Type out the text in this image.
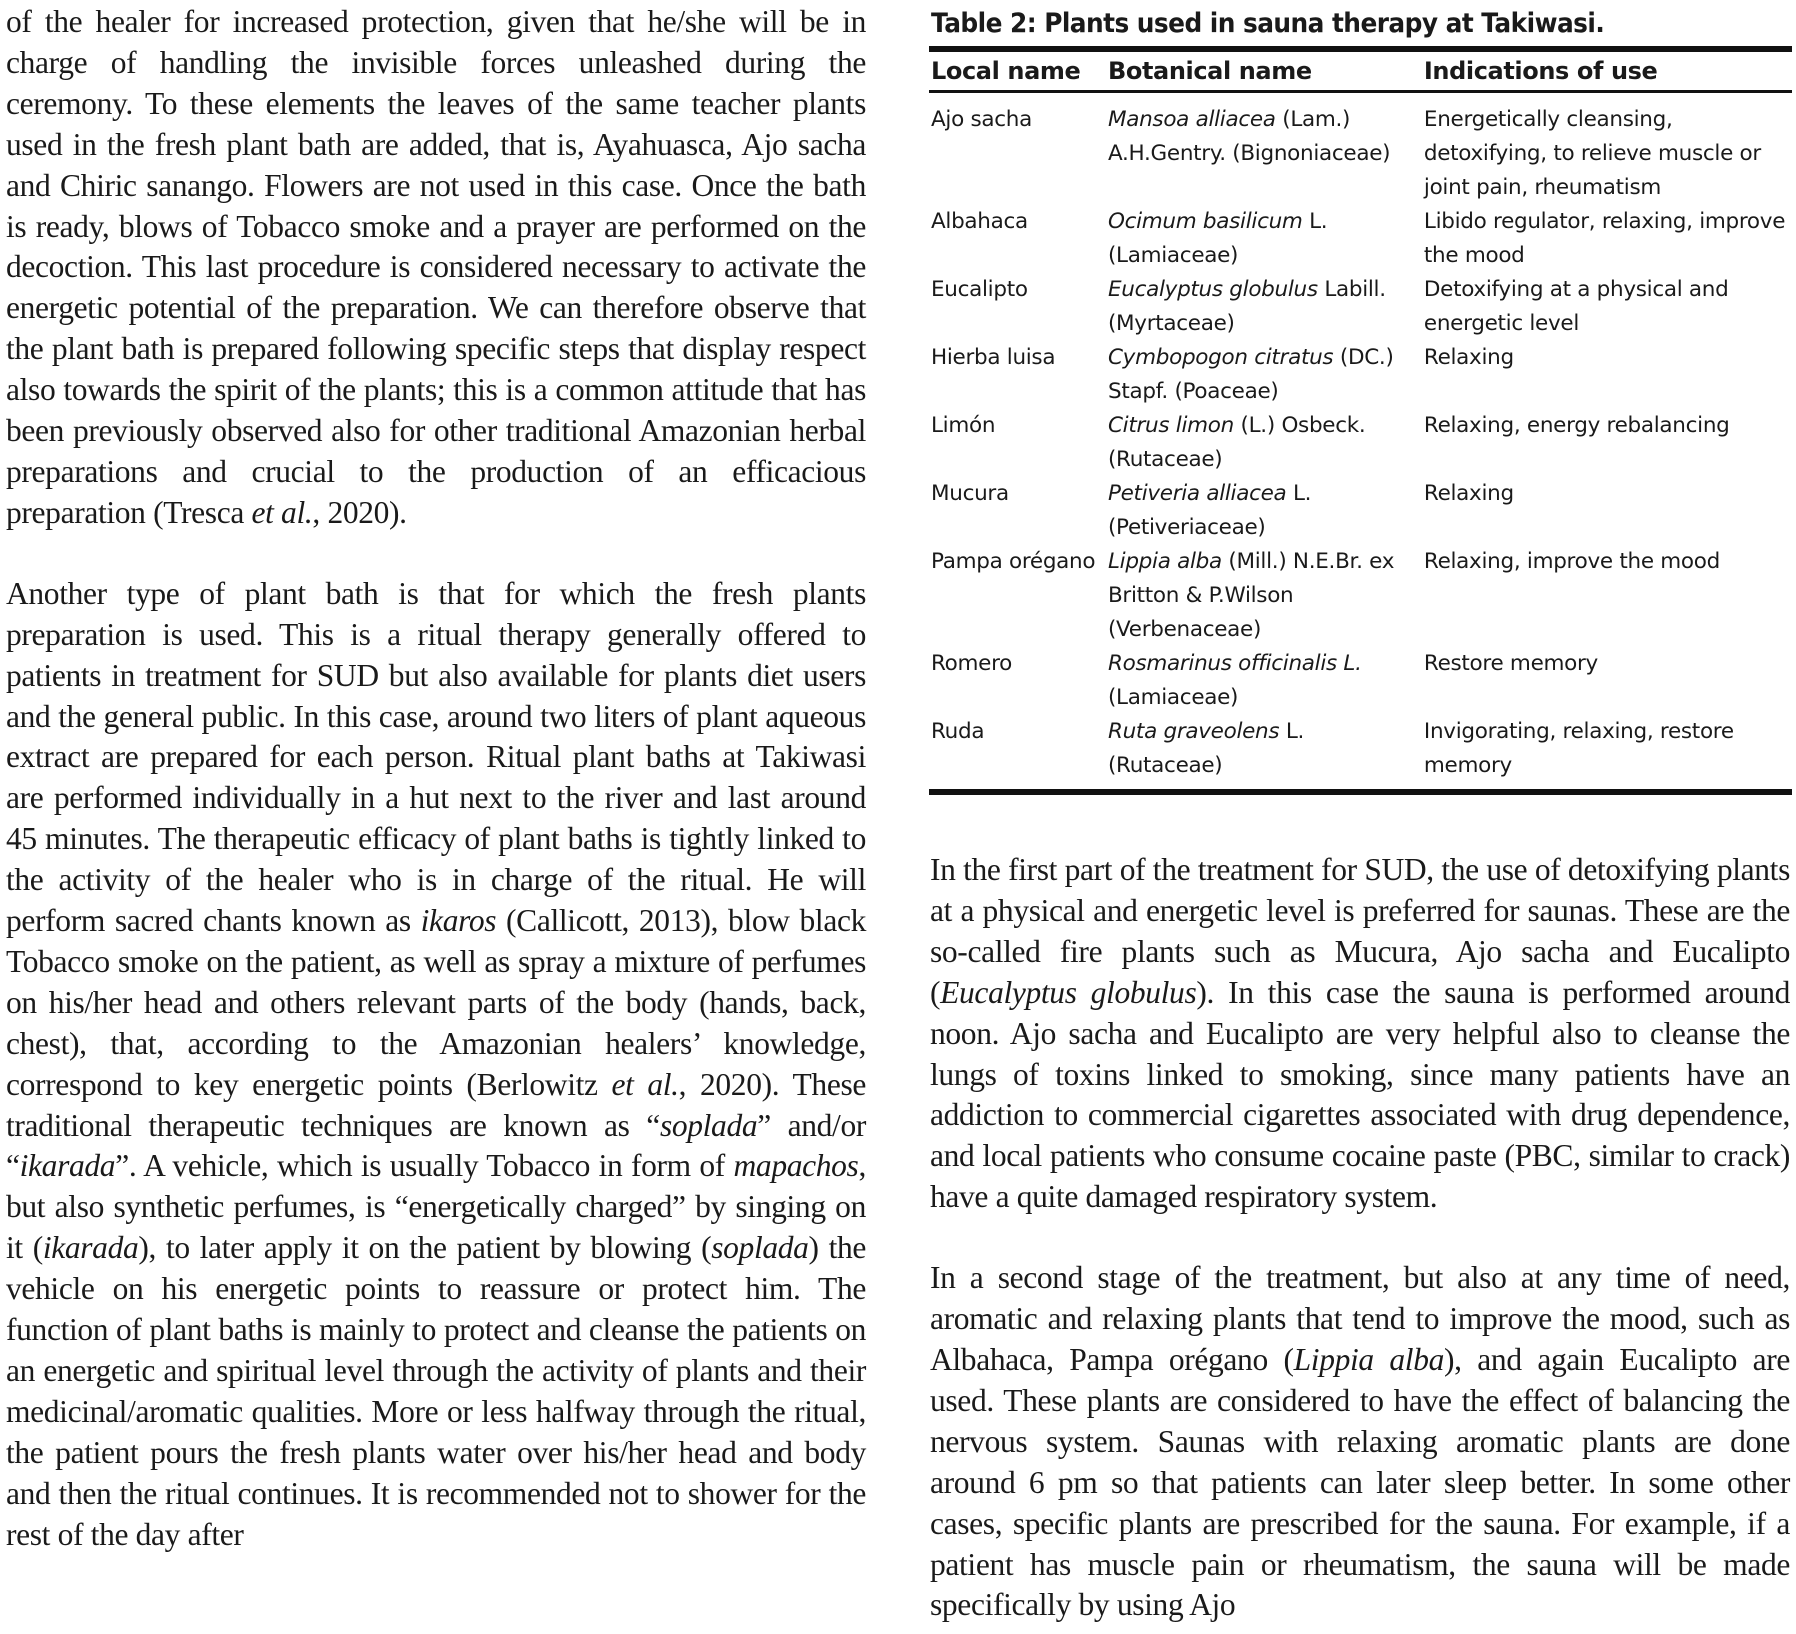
of the healer for increased protection, given that he/she will be in charge of handling the invisible forces unleashed during the ceremony. To these elements the leaves of the same teacher plants used in the fresh plant bath are added, that is, Ayahuasca, Ajo sacha and Chiric sanango. Flowers are not used in this case. Once the bath is ready, blows of Tobacco smoke and a prayer are performed on the decoction. This last procedure is considered necessary to activate the energetic potential of the preparation. We can therefore observe that the plant bath is prepared following specific steps that display respect also towards the spirit of the plants; this is a common attitude that has been previously observed also for other traditional Amazonian herbal preparations and crucial to the production of an efficacious preparation (Tresca et al., 2020).

Another type of plant bath is that for which the fresh plants preparation is used. This is a ritual therapy generally offered to patients in treatment for SUD but also available for plants diet users and the general public. In this case, around two liters of plant aqueous extract are prepared for each person. Ritual plant baths at Takiwasi are performed individually in a hut next to the river and last around 45 minutes. The therapeutic efficacy of plant baths is tightly linked to the activity of the healer who is in charge of the ritual. He will perform sacred chants known as ikaros (Callicott, 2013), blow black Tobacco smoke on the patient, as well as spray a mixture of perfumes on his/her head and others relevant parts of the body (hands, back, chest), that, according to the Amazonian healers’ knowledge, correspond to key energetic points (Berlowitz et al., 2020). These traditional therapeutic techniques are known as “soplada” and/or “ikarada”. A vehicle, which is usually Tobacco in form of mapachos, but also synthetic perfumes, is “energetically charged” by singing on it (ikarada), to later apply it on the patient by blowing (soplada) the vehicle on his energetic points to reassure or protect him. The function of plant baths is mainly to protect and cleanse the patients on an energetic and spiritual level through the activity of plants and their medicinal/aromatic qualities. More or less halfway through the ritual, the patient pours the fresh plants water over his/her head and body and then the ritual continues. It is recommended not to shower for the rest of the day after

Table 2: Plants used in sauna therapy at Takiwasi.
Local name	Botanical name	Indications of use
Ajo sacha	Mansoa alliacea (Lam.) A.H.Gentry. (Bignoniaceae)	Energetically cleansing, detoxifying, to relieve muscle or joint pain, rheumatism
Albahaca	Ocimum basilicum L. (Lamiaceae)	Libido regulator, relaxing, improve the mood
Eucalipto	Eucalyptus globulus Labill. (Myrtaceae)	Detoxifying at a physical and energetic level
Hierba luisa	Cymbopogon citratus (DC.) Stapf. (Poaceae)	Relaxing
Limón	Citrus limon (L.) Osbeck. (Rutaceae)	Relaxing, energy rebalancing
Mucura	Petiveria alliacea L. (Petiveriaceae)	Relaxing
Pampa orégano	Lippia alba (Mill.) N.E.Br. ex Britton & P.Wilson (Verbenaceae)	Relaxing, improve the mood
Romero	Rosmarinus officinalis L. (Lamiaceae)	Restore memory
Ruda	Ruta graveolens L. (Rutaceae)	Invigorating, relaxing, restore memory

In the first part of the treatment for SUD, the use of detoxifying plants at a physical and energetic level is preferred for saunas. These are the so-called fire plants such as Mucura, Ajo sacha and Eucalipto (Eucalyptus globulus). In this case the sauna is performed around noon. Ajo sacha and Eucalipto are very helpful also to cleanse the lungs of toxins linked to smoking, since many patients have an addiction to commercial cigarettes associated with drug dependence, and local patients who consume cocaine paste (PBC, similar to crack) have a quite damaged respiratory system.

In a second stage of the treatment, but also at any time of need, aromatic and relaxing plants that tend to improve the mood, such as Albahaca, Pampa orégano (Lippia alba), and again Eucalipto are used. These plants are considered to have the effect of balancing the nervous system. Saunas with relaxing aromatic plants are done around 6 pm so that patients can later sleep better. In some other cases, specific plants are prescribed for the sauna. For example, if a patient has muscle pain or rheumatism, the sauna will be made specifically by using Ajo
